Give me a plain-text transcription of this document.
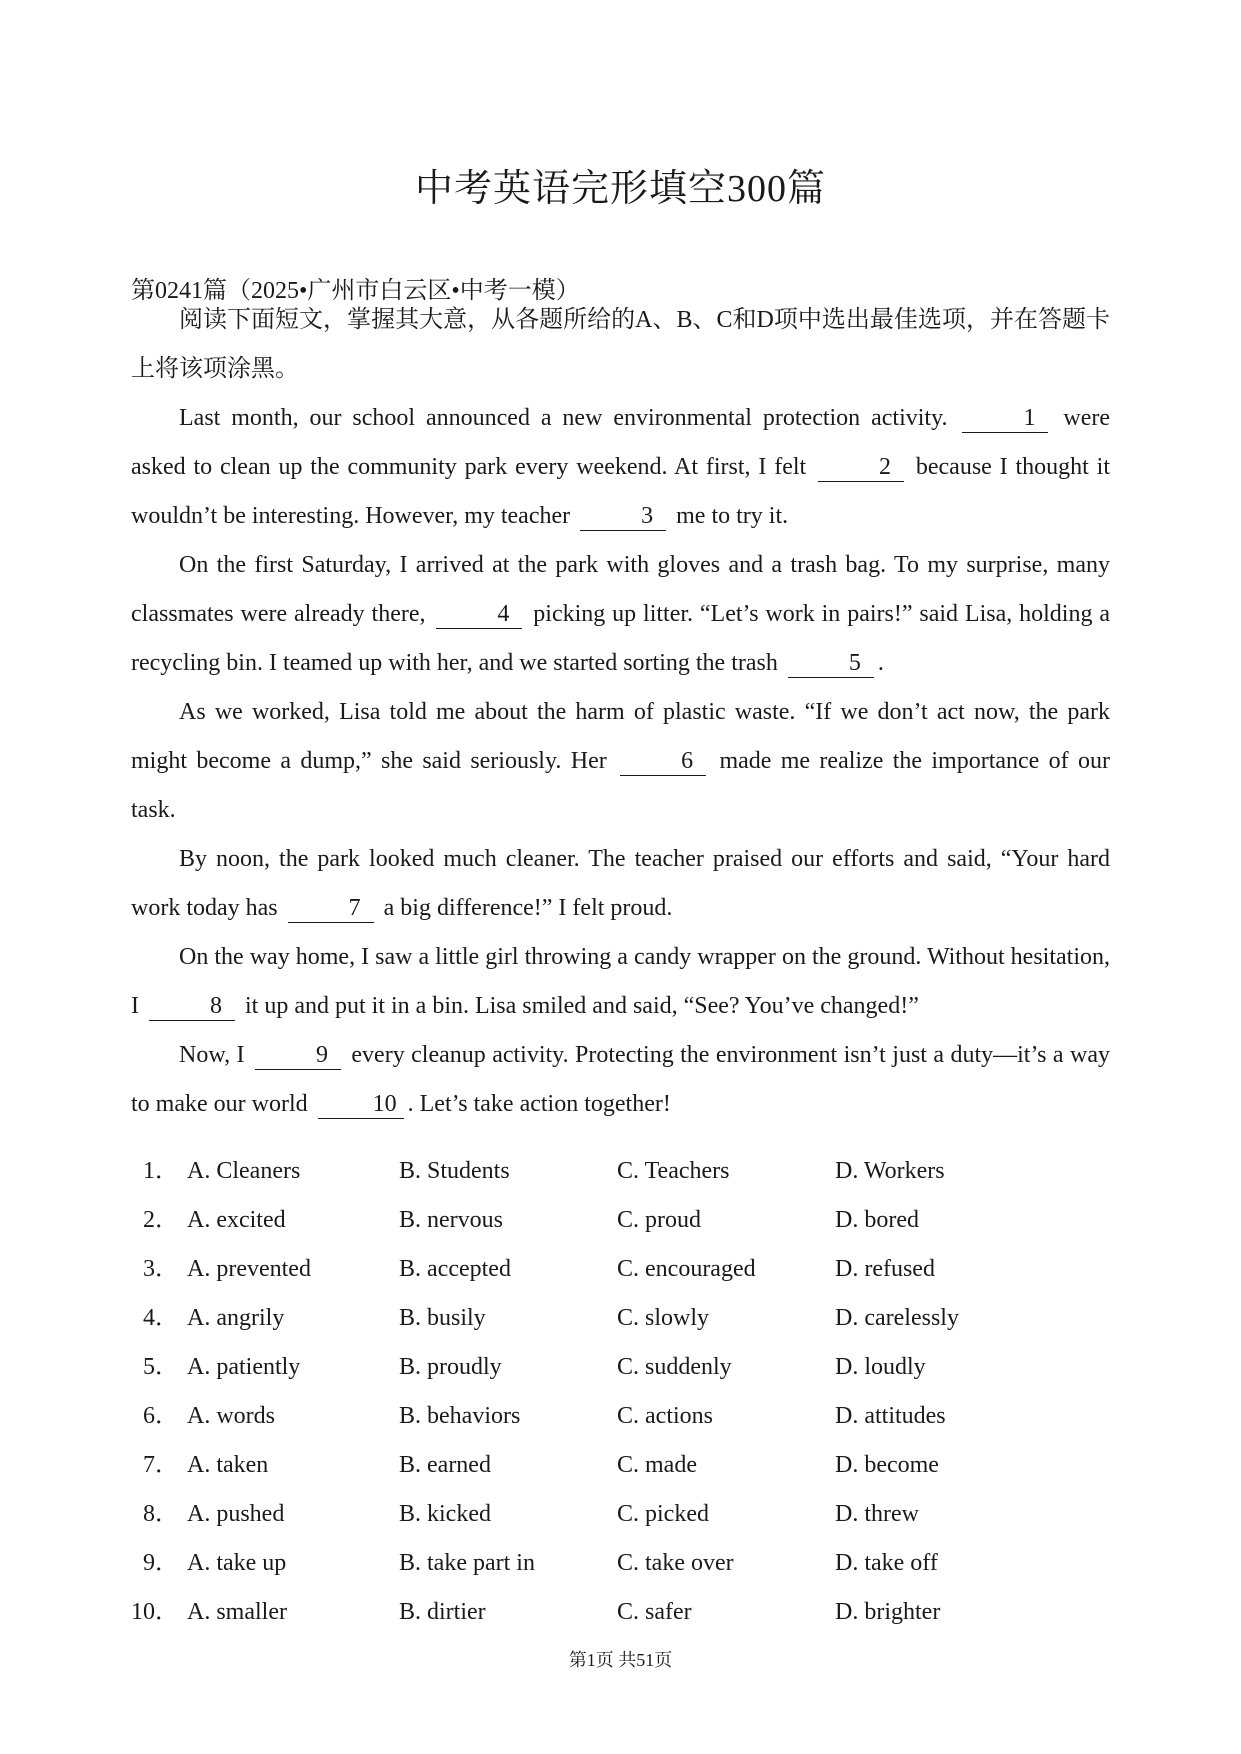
中考英语完形填空300篇
第0241篇（2025•广州市白云区•中考一模）

阅读下面短文，掌握其大意，从各题所给的A、B、C和D项中选出最佳选项，并在答题卡上将该项涂黑。

Last month, our school announced a new environmental protection activity.	1 were asked to clean up the community park every weekend. At first, I felt	2 because I thought it wouldn’t be interesting. However, my teacher	3 me to try it.

On the first Saturday, I arrived at the park with gloves and a trash bag. To my surprise, many classmates were already there,	4 picking up litter. “Let’s work in pairs!” said Lisa, holding a recycling bin. I teamed up with her, and we started sorting the trash	5 .

As we worked, Lisa told me about the harm of plastic waste. “If we don’t act now, the park might become a dump,” she said seriously. Her	6 made me realize the importance of our task.

By noon, the park looked much cleaner. The teacher praised our efforts and said, “Your hard work today has	7 a big difference!” I felt proud.

On the way home, I saw a little girl throwing a candy wrapper on the ground. Without hesitation, I	8 it up and put it in a bin. Lisa smiled and said, “See? You’ve changed!”

Now, I	9 every cleanup activity. Protecting the environment isn’t just a duty—it’s a way to make our world 10 . Let’s take action together!

1． A. Cleaners	B. Students	C. Teachers	D. Workers
2． A. excited	B. nervous	C. proud	D. bored
3． A. prevented	B. accepted	C. encouraged	D. refused
4． A. angrily	B. busily	C. slowly	D. carelessly
5． A. patiently	B. proudly	C. suddenly	D. loudly
6． A. words	B. behaviors	C. actions	D. attitudes
7． A. taken	B. earned	C. made	D. become
8． A. pushed	B. kicked	C. picked	D. threw
9． A. take up	B. take part in	C. take over	D. take off
10． A. smaller	B. dirtier	C. safer	D. brighter
第1页 共51页
